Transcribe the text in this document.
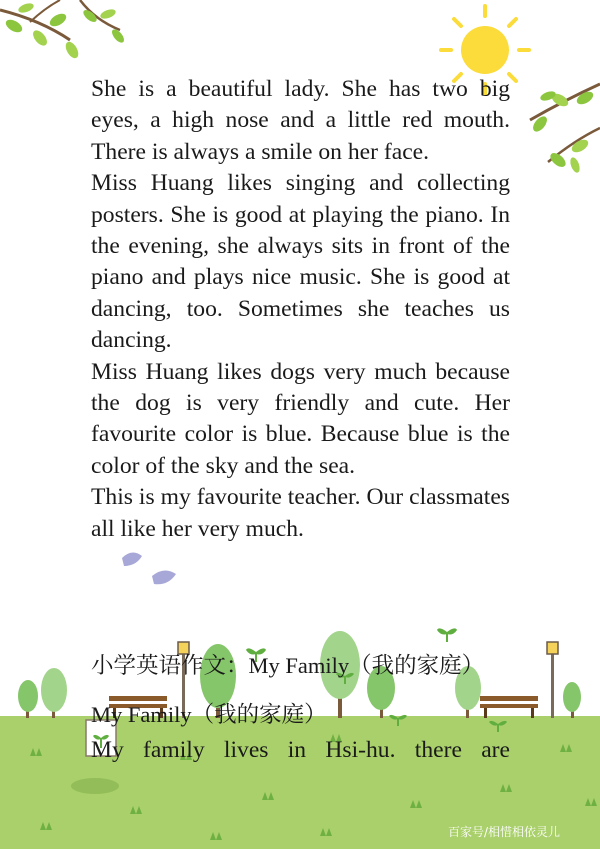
She is a beautiful lady. She has two big eyes, a high nose and a little red mouth. There is always a smile on her face.

Miss Huang likes singing and collecting posters. She is good at playing the piano. In the evening, she always sits in front of the piano and plays nice music. She is good at dancing, too. Sometimes she teaches us dancing.

Miss Huang likes dogs very much because the dog is very friendly and cute. Her favourite color is blue. Because blue is the color of the sky and the sea.

This is my favourite teacher. Our classmates all like her very much.

小学英语作文：My Family（我的家庭）
My Family（我的家庭）
My family lives in Hsi-hu. there are
百家号/相惜相依灵儿
